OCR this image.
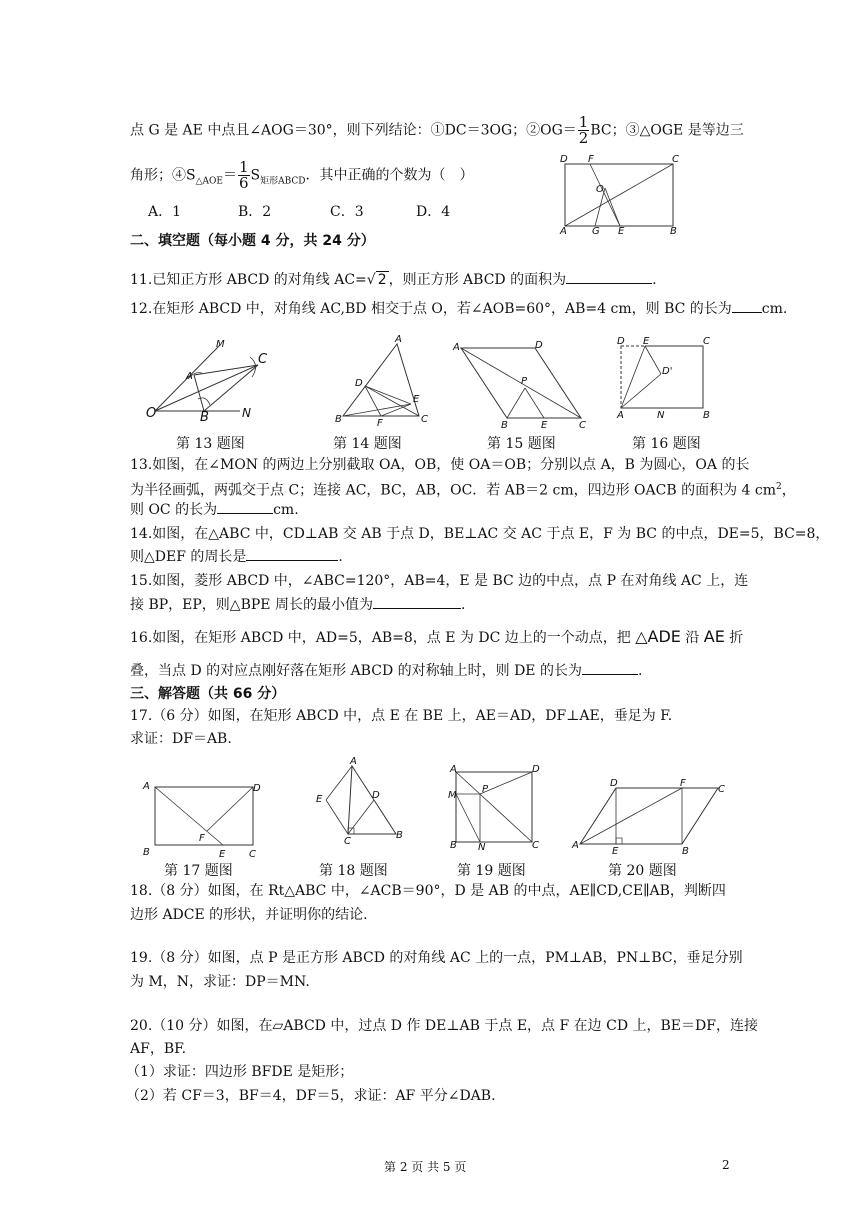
点 G 是 AE 中点且∠AOG＝30°，则下列结论：①DC＝3OG；②OG＝ $\frac{1}{2}$ BC；③△OGE 是等边三
角形；$④S_{\triangle AOE}= \frac{1}{6} S_{矩形ABCD}$．其中正确的个数为（　）
A．1	B．2	C．3	D．4
D F	C
O
A	G E	B
二、填空题（每小题 4 分，共 24 分）
11.已知正方形 ABCD 的对角线 AC=√ 2 ，则正方形 ABCD 的面积为	.
12.在矩形 ABCD 中，对角线 AC,BD 相交于点 O，若∠AOB=60°，AB=4 cm，则 BC 的长为 cm.
M
A
C
O	B	N
A
D
E
B	F	C
A	D
P
B	E	C
D E	C
D'
A	N	B
第 13 题图	第 14 题图	第 15 题图	第 16 题图
13.如图，在∠MON 的两边上分别截取 OA，OB，使 OA＝OB；分别以点 A，B 为圆心，OA 的长
为半径画弧，两弧交于点 C；连接 AC，BC，AB，OC．若 AB＝2 cm，四边形 OACB 的面积为 4 $cm^2$，
则 OC 的长为	cm.
14.如图，在△ABC 中，CD⊥AB 交 AB 于点 D，BE⊥AC 交 AC 于点 E，F 为 BC 的中点，DE=5，BC=8，
则△DEF 的周长是	.
15.如图，菱形 ABCD 中，∠ABC=120°，AB=4，E 是 BC 边的中点，点 P 在对角线 AC 上，连
接 BP，EP，则△BPE 周长的最小值为	.
16.如图，在矩形 ABCD 中，AD=5，AB=8，点 E 为 DC 边上的一个动点，把 △ADE 沿 AE 折
叠，当点 D 的对应点刚好落在矩形 ABCD 的对称轴上时，则 DE 的长为	.
三、解答题（共 66 分）
17.（6 分）如图，在矩形 ABCD 中，点 E 在 BE 上，AE＝AD，DF⊥AE，垂足为 F.
求证：DF＝AB.
A	D
F
B	E C
A
E	D
C
B
A	D
M
P
B N	C
D	F
C
A
E	B
第 17 题图	第 18 题图	第 19 题图	第 20 题图
18.（8 分）如图，在 Rt△ABC 中，∠ACB＝90°，D 是 AB 的中点，AE∥CD,CE∥AB，判断四
边形 ADCE 的形状，并证明你的结论.
19.（8 分）如图，点 P 是正方形 ABCD 的对角线 AC 上的一点，PM⊥AB，PN⊥BC，垂足分别
为 M，N，求证：DP＝MN.
20.（10 分）如图，在▱ABCD 中，过点 D 作 DE⊥AB 于点 E，点 F 在边 CD 上，BE＝DF，连接
AF，BF.
（1）求证：四边形 BFDE 是矩形；
（2）若 CF＝3，BF＝4，DF＝5，求证：AF 平分∠DAB.
第 2 页 共 5 页	2
